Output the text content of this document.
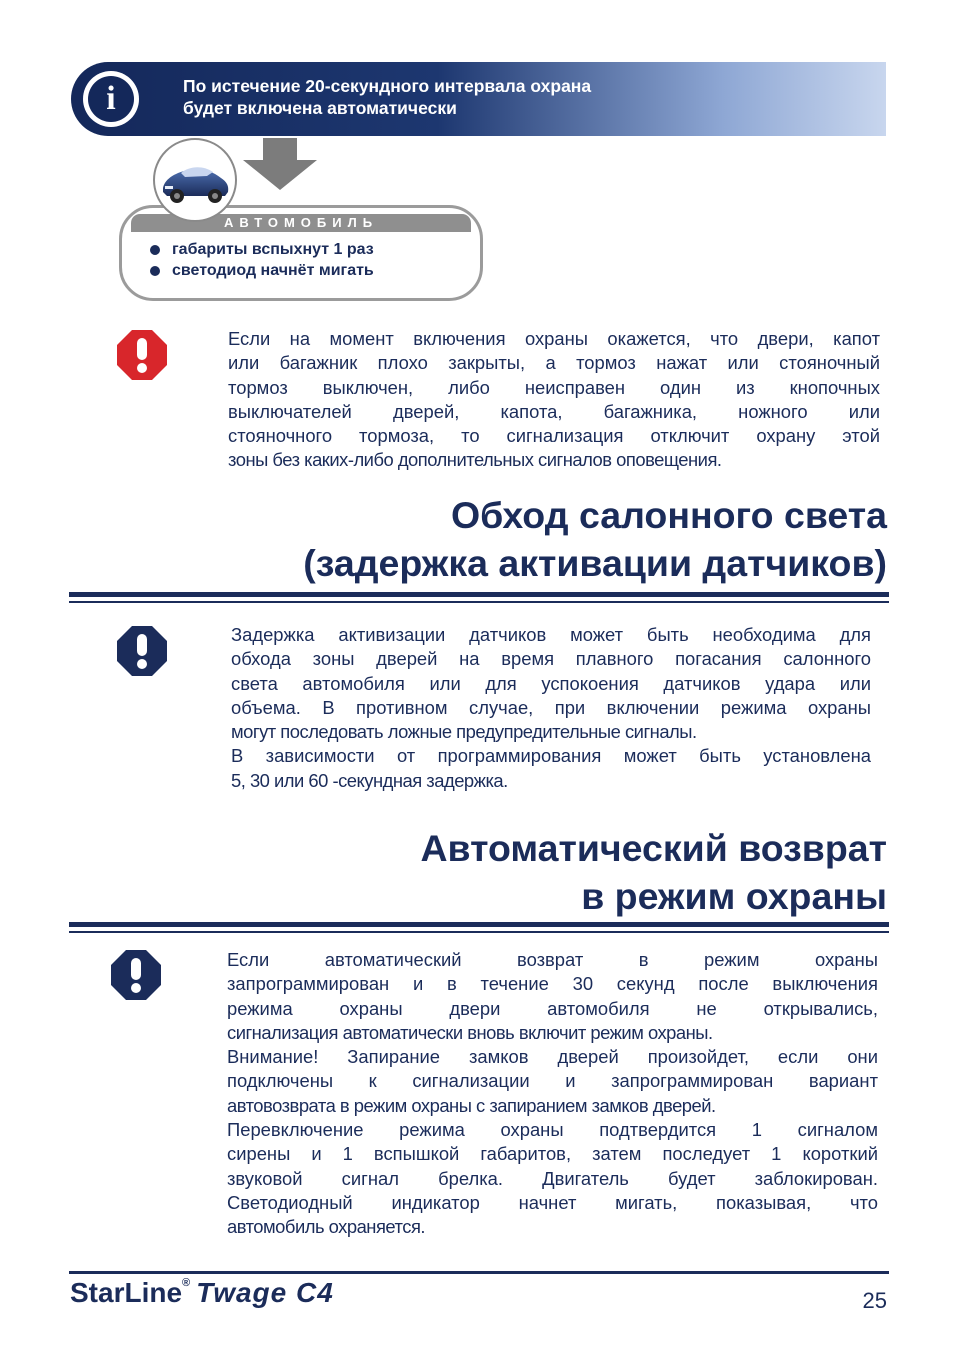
i	По истечение 20-секундного интервала охрана
будет включена автоматически
АВТОМОБИЛЬ
габариты вспыхнут 1 раз
светодиод начнёт мигать

Если на момент включения охраны окажется, что двери, капот

или багажник плохо закрыты, а тормоз нажат или стояночный

тормоз выключен, либо неисправен один из кнопочных

выключателей дверей, капота, багажника, ножного или

стояночного тормоза, то сигнализация отключит охрану этой

зоны без каких-либо дополнительных сигналов оповещения.

Обход салонного света
(задержка активации датчиков)

Задержка активизации датчиков может быть необходима для

обхода зоны дверей на время плавного погасания салонного

света автомобиля или для успокоения датчиков удара или

объема. В противном случае, при включении режима охраны

могут последовать ложные предупредительные сигналы.

В зависимости от программирования может быть установлена

5, 30 или 60 -секундная задержка.

Автоматический возврат
в режим охраны

Если автоматический возврат в режим охраны

запрограммирован и в течение 30 секунд после выключения

режима охраны двери автомобиля не открывались,

сигнализация автоматически вновь включит режим охраны.

Внимание! Запирание замков дверей произойдет, если они

подключены к сигнализации и запрограммирован вариант

автовозврата в режим охраны с запиранием замков дверей.

Перевключение режима охраны подтвердится 1 сигналом

сирены и 1 вспышкой габаритов, затем последует 1 короткий

звуковой сигнал брелка. Двигатель будет заблокирован.

Светодиодный индикатор начнет мигать, показывая, что

автомобиль охраняется.

StarLine® Twage C4	25
